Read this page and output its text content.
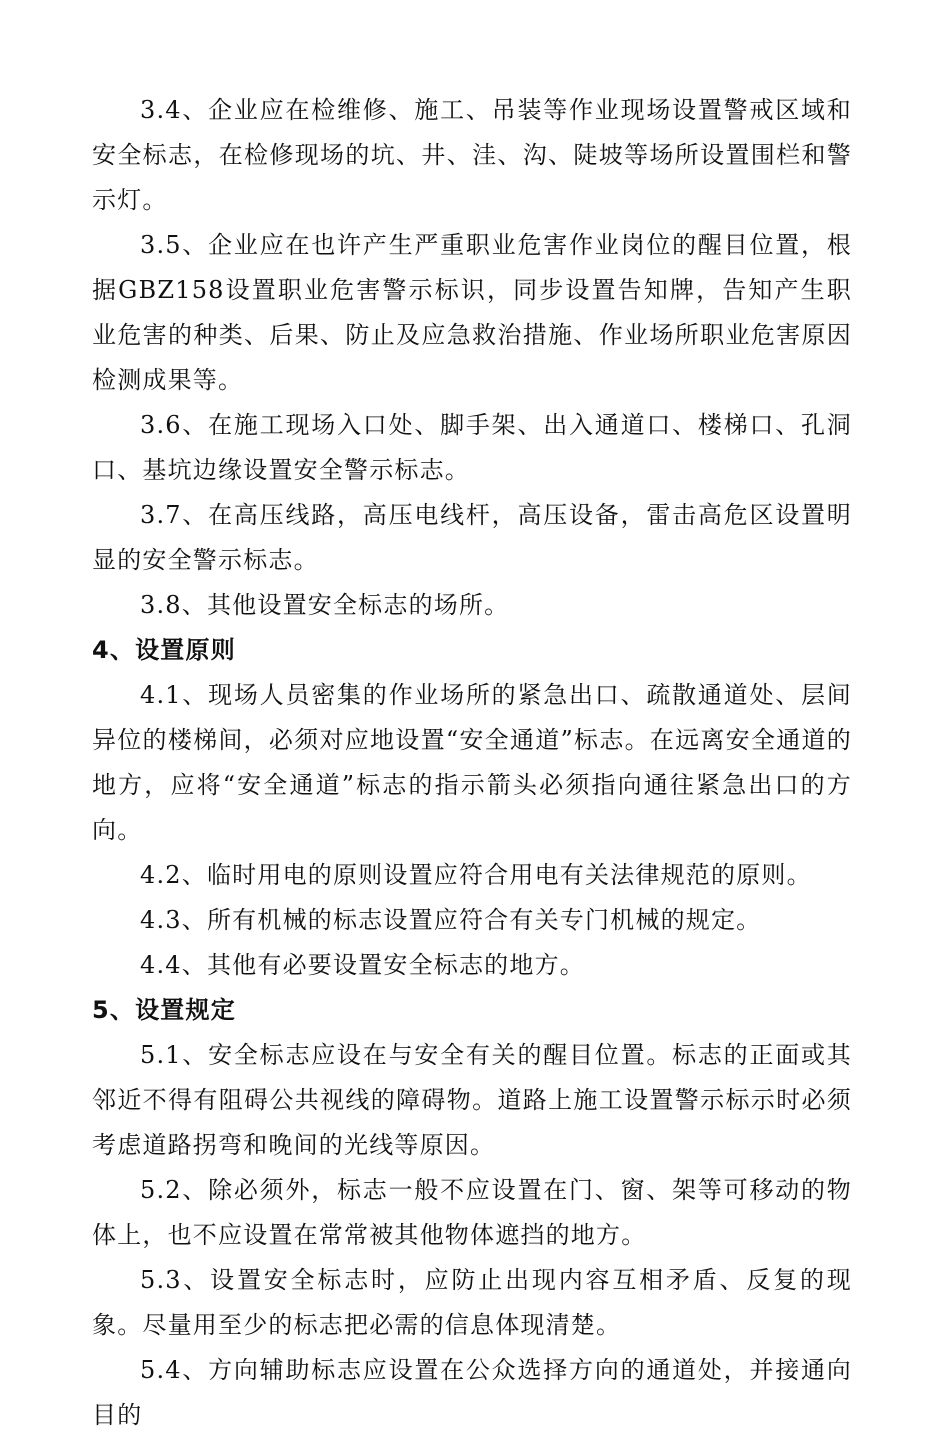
3.4、企业应在检维修、施工、吊装等作业现场设置警戒区域和安全标志，在检修现场的坑、井、洼、沟、陡坡等场所设置围栏和警示灯。

3.5、企业应在也许产生严重职业危害作业岗位的醒目位置，根据GBZ158设置职业危害警示标识，同步设置告知牌，告知产生职业危害的种类、后果、防止及应急救治措施、作业场所职业危害原因检测成果等。

3.6、在施工现场入口处、脚手架、出入通道口、楼梯口、孔洞口、基坑边缘设置安全警示标志。

3.7、在高压线路，高压电线杆，高压设备，雷击高危区设置明显的安全警示标志。

3.8、其他设置安全标志的场所。

4、设置原则

4.1、现场人员密集的作业场所的紧急出口、疏散通道处、层间异位的楼梯间，必须对应地设置“安全通道”标志。在远离安全通道的地方，应将“安全通道”标志的指示箭头必须指向通往紧急出口的方向。

4.2、临时用电的原则设置应符合用电有关法律规范的原则。

4.3、所有机械的标志设置应符合有关专门机械的规定。

4.4、其他有必要设置安全标志的地方。

5、设置规定

5.1、安全标志应设在与安全有关的醒目位置。标志的正面或其邻近不得有阻碍公共视线的障碍物。道路上施工设置警示标示时必须考虑道路拐弯和晚间的光线等原因。

5.2、除必须外，标志一般不应设置在门、窗、架等可移动的物体上，也不应设置在常常被其他物体遮挡的地方。

5.3、设置安全标志时，应防止出现内容互相矛盾、反复的现象。尽量用至少的标志把必需的信息体现清楚。

5.4、方向辅助标志应设置在公众选择方向的通道处，并接通向目的
